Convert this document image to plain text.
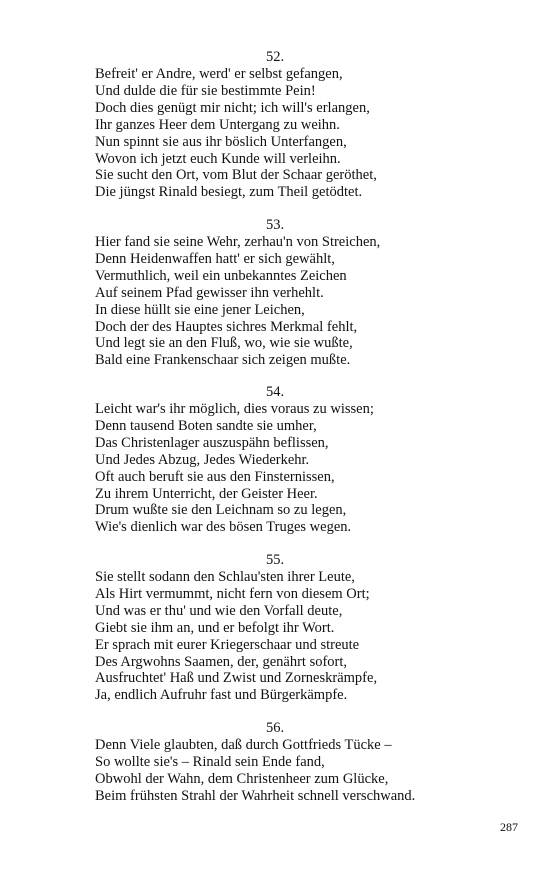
52.
Befreit' er Andre, werd' er selbst gefangen,
Und dulde die für sie bestimmte Pein!
Doch dies genügt mir nicht; ich will's erlangen,
Ihr ganzes Heer dem Untergang zu weihn.
Nun spinnt sie aus ihr böslich Unterfangen,
Wovon ich jetzt euch Kunde will verleihn.
Sie sucht den Ort, vom Blut der Schaar geröthet,
Die jüngst Rinald besiegt, zum Theil getödtet.
53.
Hier fand sie seine Wehr, zerhau'n von Streichen,
Denn Heidenwaffen hatt' er sich gewählt,
Vermuthlich, weil ein unbekanntes Zeichen
Auf seinem Pfad gewisser ihn verhehlt.
In diese hüllt sie eine jener Leichen,
Doch der des Hauptes sichres Merkmal fehlt,
Und legt sie an den Fluß, wo, wie sie wußte,
Bald eine Frankenschaar sich zeigen mußte.
54.
Leicht war's ihr möglich, dies voraus zu wissen;
Denn tausend Boten sandte sie umher,
Das Christenlager auszuspähn beflissen,
Und Jedes Abzug, Jedes Wiederkehr.
Oft auch beruft sie aus den Finsternissen,
Zu ihrem Unterricht, der Geister Heer.
Drum wußte sie den Leichnam so zu legen,
Wie's dienlich war des bösen Truges wegen.
55.
Sie stellt sodann den Schlau'sten ihrer Leute,
Als Hirt vermummt, nicht fern von diesem Ort;
Und was er thu' und wie den Vorfall deute,
Giebt sie ihm an, und er befolgt ihr Wort.
Er sprach mit eurer Kriegerschaar und streute
Des Argwohns Saamen, der, genährt sofort,
Ausfruchtet' Haß und Zwist und Zorneskrämpfe,
Ja, endlich Aufruhr fast und Bürgerkämpfe.
56.
Denn Viele glaubten, daß durch Gottfrieds Tücke –
So wollte sie's – Rinald sein Ende fand,
Obwohl der Wahn, dem Christenheer zum Glücke,
Beim frühsten Strahl der Wahrheit schnell verschwand.
287
